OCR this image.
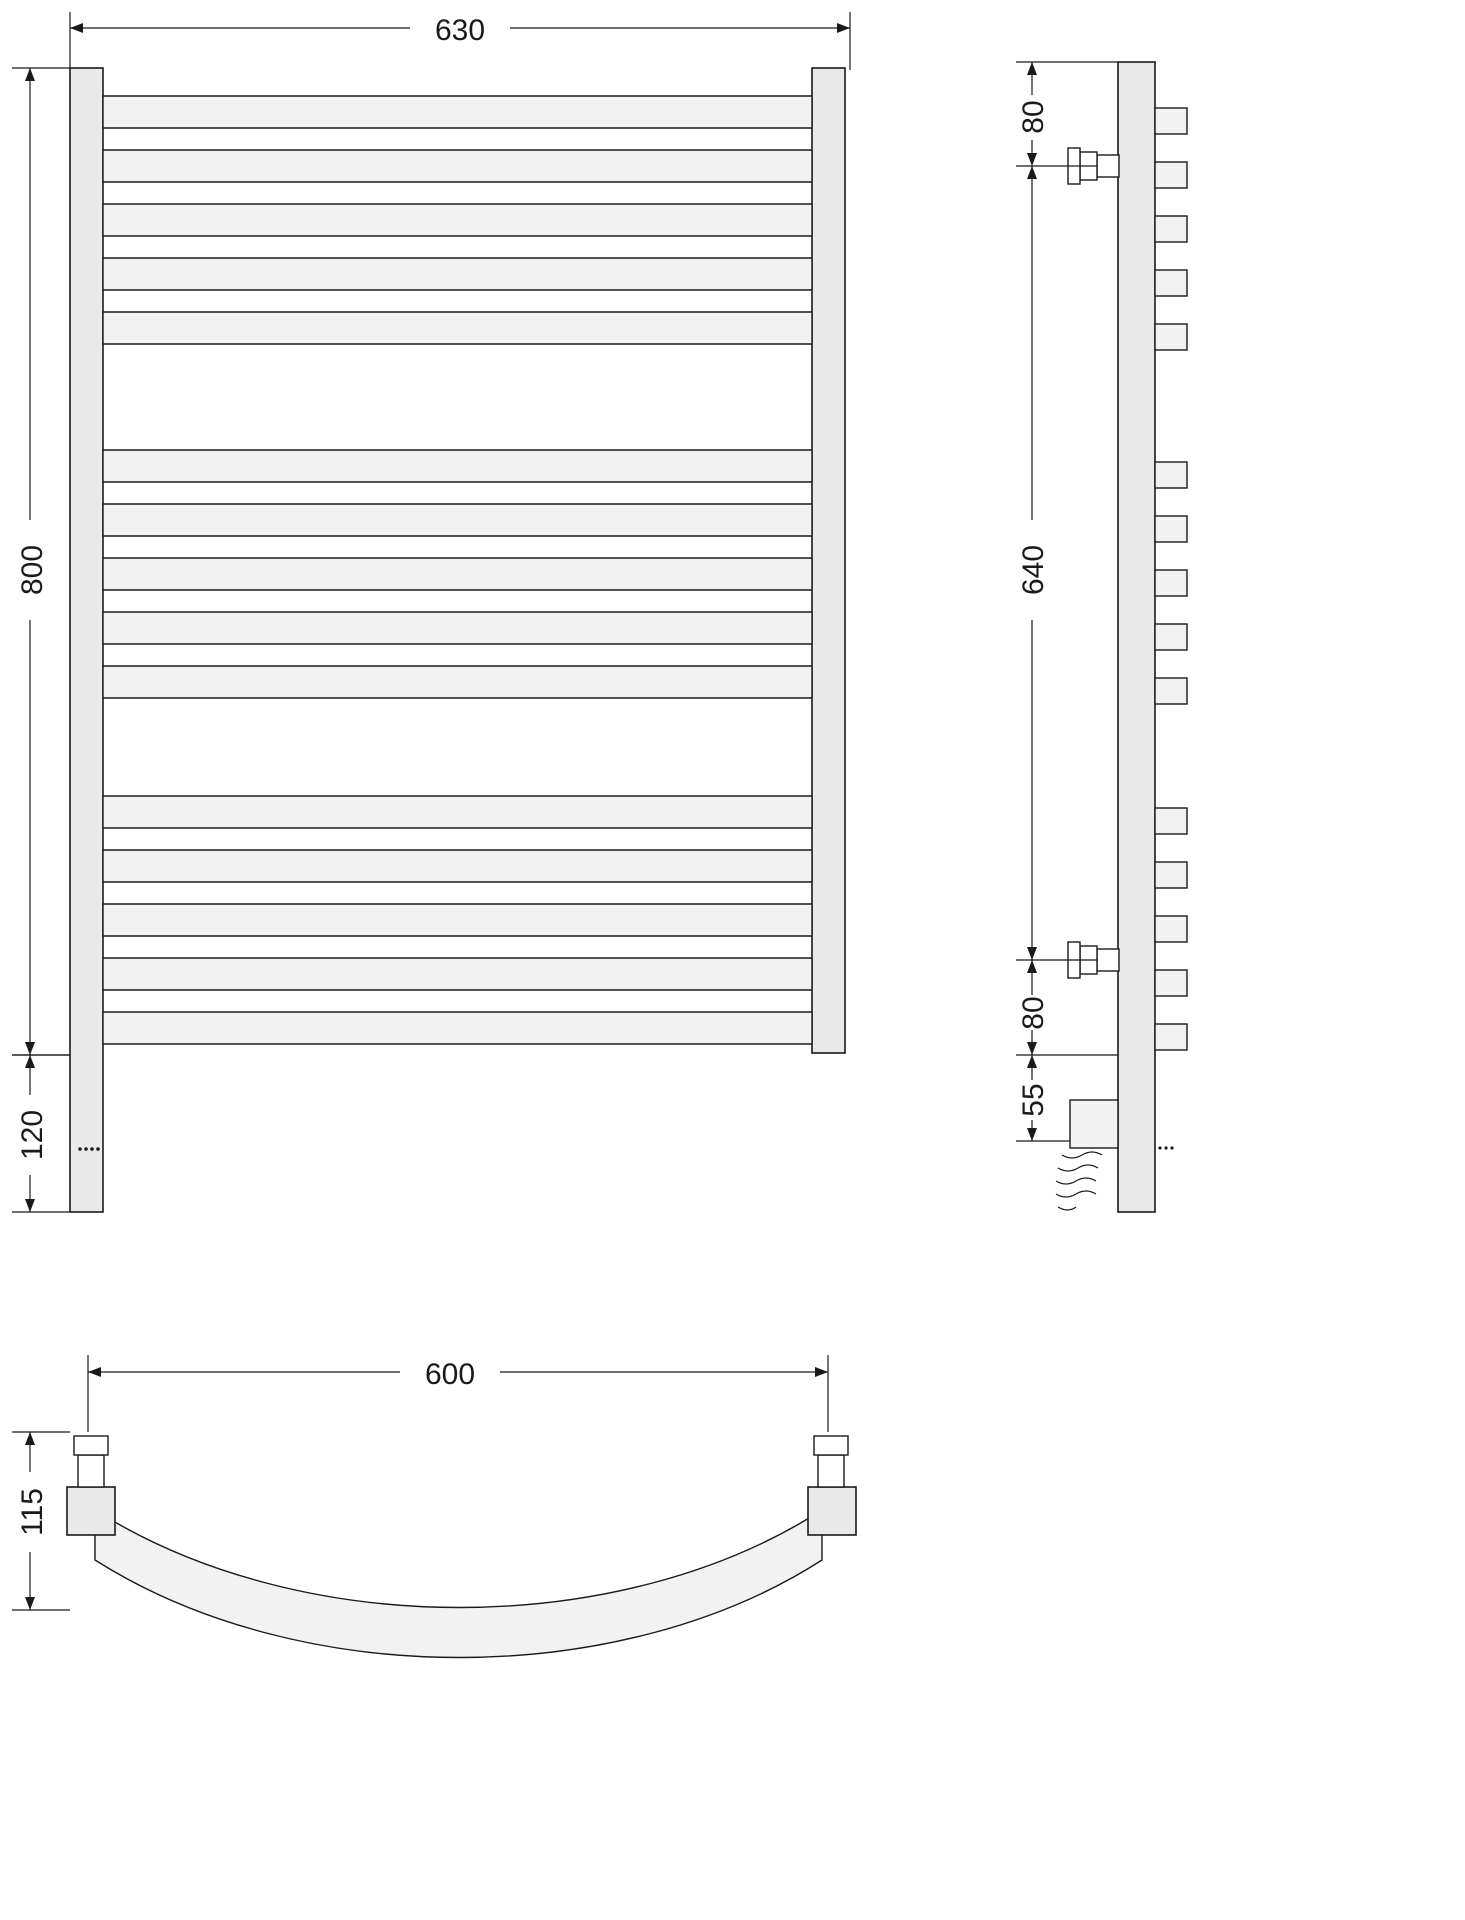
630
800
120
80
640
80
55
600
115
